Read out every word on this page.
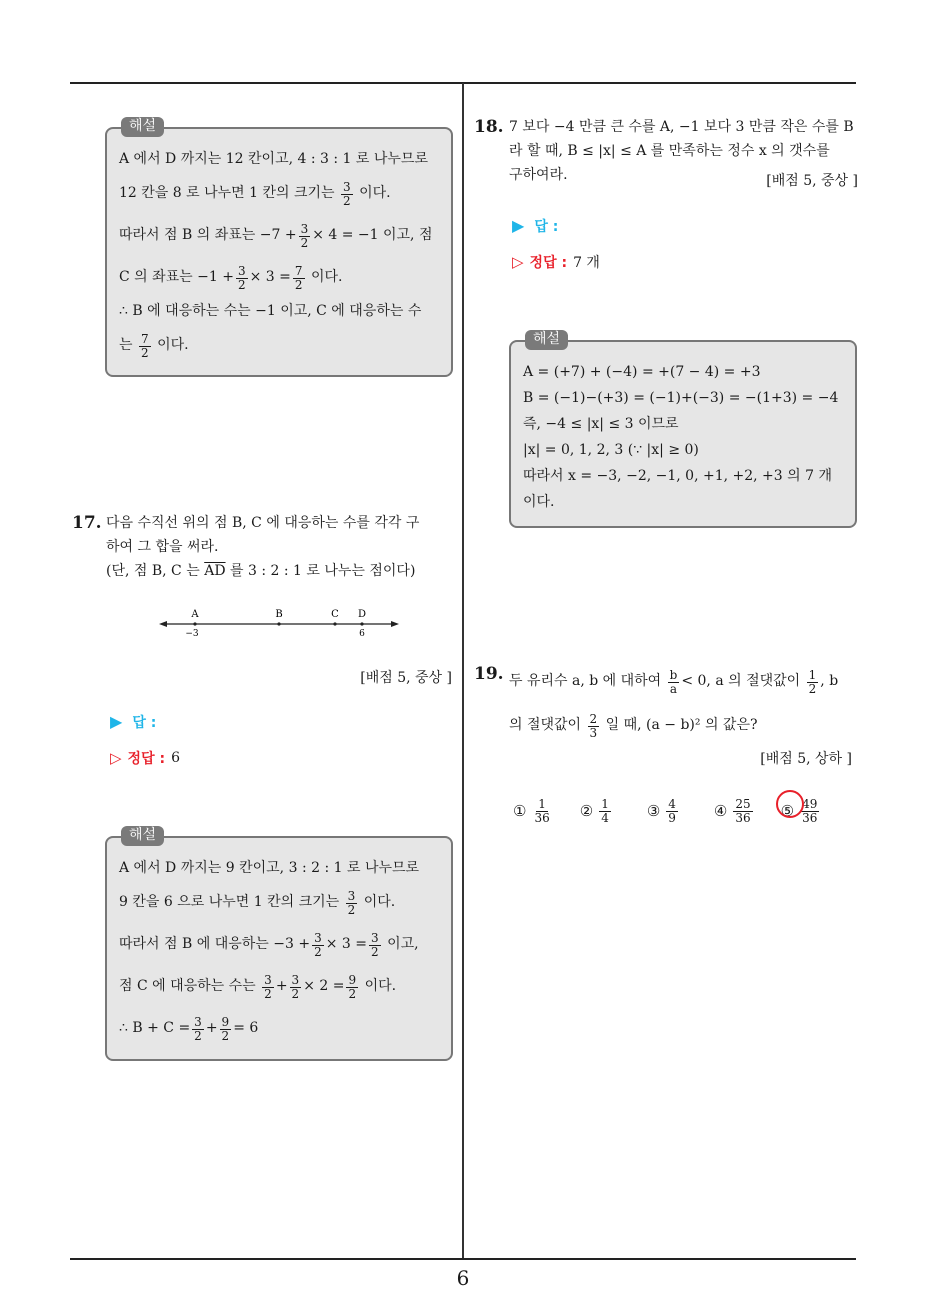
6
해설
A 에서 D 까지는 12 칸이고, 4 : 3 : 1 로 나누므로
12 칸을 8 로 나누면 1 칸의 크기는
$\frac{3}{2}$
이다.
따라서 점 B 의 좌표는 $-7 + \frac{3}{2} \times 4 = -1$ 이고, 점
C 의 좌표는 $-1 + \frac{3}{2} \times 3 = \frac{7}{2}$
이다.
∴ B 에 대응하는 수는 −1 이고, C 에 대응하는 수
는
$\frac{7}{2}$
이다.
17. 다음 수직선 위의 점 B, C 에 대응하는 수를 각각 구
하여 그 합을 써라.
(단, 점 B, C 는
$\overline{AD}$
를 3 : 2 : 1 로 나누는 점이다)
A	B	C D
−3	6
[배점 5, 중상 ]
▶ 답 :
▷ 정답 : 6
해설
A 에서 D 까지는 9 칸이고, 3 : 2 : 1 로 나누므로
9 칸을 6 으로 나누면 1 칸의 크기는
$\frac{3}{2}$
이다.
따라서 점 B 에 대응하는 $-3 + \frac{3}{2} \times 3 = \frac{3}{2}$
이고,
점 C 에 대응하는 수는
$\frac{3}{2} + \frac{3}{2} \times 2 = \frac{9}{2}$
이다.
∴ $B + C = \frac{3}{2} + \frac{9}{2} = 6$
18. 7 보다 −4 만큼 큰 수를 A, −1 보다 3 만큼 작은 수를 B
라 할 때, B ≤ |x| ≤ A 를 만족하는 정수 x 의 갯수를
구하여라.	[배점 5, 중상 ]
▶ 답 :
▷ 정답 : 7 개
해설
A = (+7) + (−4) = +(7 − 4) = +3
B = (−1)−(+3) = (−1)+(−3) = −(1+3) = −4
즉, −4 ≤ |x| ≤ 3 이므로
|x| = 0, 1, 2, 3 (∵ |x| ≥ 0)
따라서 x = −3, −2, −1, 0, +1, +2, +3 의 7 개
이다.
19. 두 유리수 a, b 에 대하여
$\frac{b}{a} < 0$, a 의 절댓값이
$\frac{1}{2}$ , b
의 절댓값이
$\frac{2}{3}$
일 때, (a − b)² 의 값은?
[배점 5, 상하 ]
① $\frac{1}{36}$ ② $\frac{1}{4}$ ③ $\frac{4}{9}$ ④ $\frac{25}{36}$ ⑤ $\frac{49}{36}$
